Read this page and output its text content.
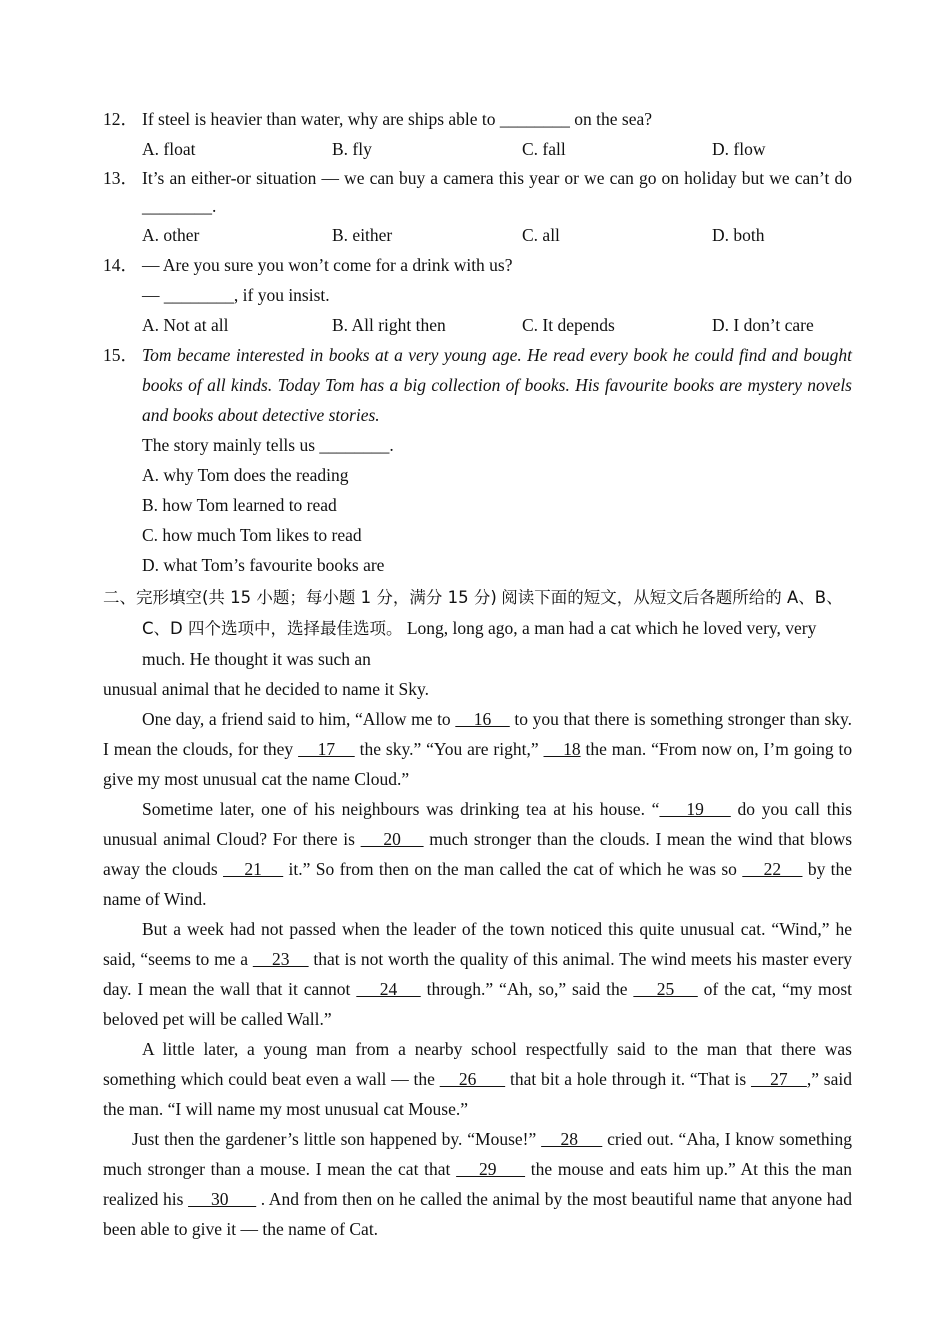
12． If steel is heavier than water, why are ships able to ________ on the sea?
A. float	B. fly	C. fall	D. flow
13． It’s an either-or situation — we can buy a camera this year or we can go on holiday but we can’t do ________.
A. other	B. either	C. all	D. both
14． — Are you sure you won’t come for a drink with us?
— ________, if you insist.
A. Not at all	B. All right then	C. It depends	D. I don’t care
15． Tom became interested in books at a very young age. He read every book he could find and bought books of all kinds. Today Tom has a big collection of books. His favourite books are mystery novels and books about detective stories.
The story mainly tells us ________.
A. why Tom does the reading
B. how Tom learned to read
C. how much Tom likes to read
D. what Tom’s favourite books are
二、完形填空(共 15 小题；每小题 1 分，满分 15 分) 阅读下面的短文，从短文后各题所给的 A、B、C、D 四个选项中，选择最佳选项。 Long, long ago, a man had a cat which he loved very, very much. He thought it was such an
unusual animal that he decided to name it Sky.
One day, a friend said to him, “Allow me to     16     to you that there is something stronger than sky. I mean the clouds, for they     17     the sky.” “You are right,”     18 the man. “From now on, I’m going to give my most unusual cat the name Cloud.”
Sometime later, one of his neighbours was drinking tea at his house. “    19     do you call this unusual animal Cloud? For there is     20     much stronger than the clouds. I mean the wind that blows away the clouds     21     it.” So from then on the man called the cat of which he was so     22     by the name of Wind.
But a week had not passed when the leader of the town noticed this quite unusual cat. “Wind,” he said, “seems to me a     23     that is not worth the quality of this animal. The wind meets his master every day. I mean the wall that it cannot     24     through.” “Ah, so,” said the     25     of the cat, “my most beloved pet will be called Wall.”
A little later, a young man from a nearby school respectfully said to the man that there was something which could beat even a wall — the     26       that bit a hole through it. “That is     27    ,” said the man. “I will name my most unusual cat Mouse.”
Just then the gardener’s little son happened by. “Mouse!”     28      cried out. “Aha, I know something much stronger than a mouse. I mean the cat that     29      the mouse and eats him up.” At this the man realized his      30       . And from then on he called the animal by the most beautiful name that anyone had been able to give it — the name of Cat.
